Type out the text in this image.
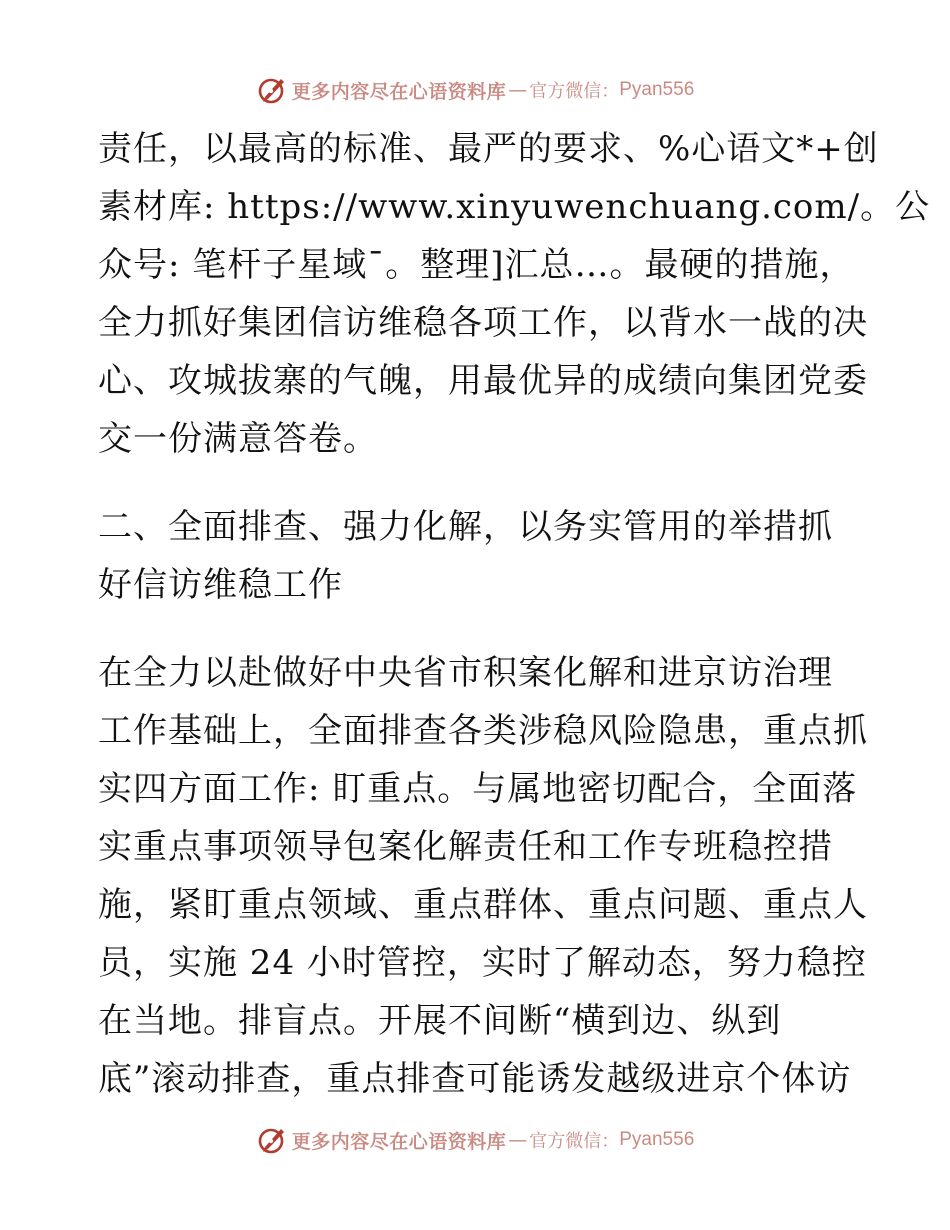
更多内容尽在心语资料库 — 官方微信： Pyan556
责任，以最高的标准、最严的要求、%心语文*+创
素材库: https://www.xinyuwenchuang.com/。公
众号: 笔杆子星域¯。整理]汇总…。最硬的措施，
全力抓好集团信访维稳各项工作，以背水一战的决
心、攻城拔寨的气魄，用最优异的成绩向集团党委
交一份满意答卷。
二、全面排查、强力化解，以务实管用的举措抓
好信访维稳工作
在全力以赴做好中央省市积案化解和进京访治理
工作基础上，全面排查各类涉稳风险隐患，重点抓
实四方面工作: 盯重点。与属地密切配合，全面落
实重点事项领导包案化解责任和工作专班稳控措
施，紧盯重点领域、重点群体、重点问题、重点人
员，实施 24 小时管控，实时了解动态，努力稳控
在当地。排盲点。开展不间断“横到边、纵到
底”滚动排查，重点排查可能诱发越级进京个体访
更多内容尽在心语资料库 — 官方微信： Pyan556
